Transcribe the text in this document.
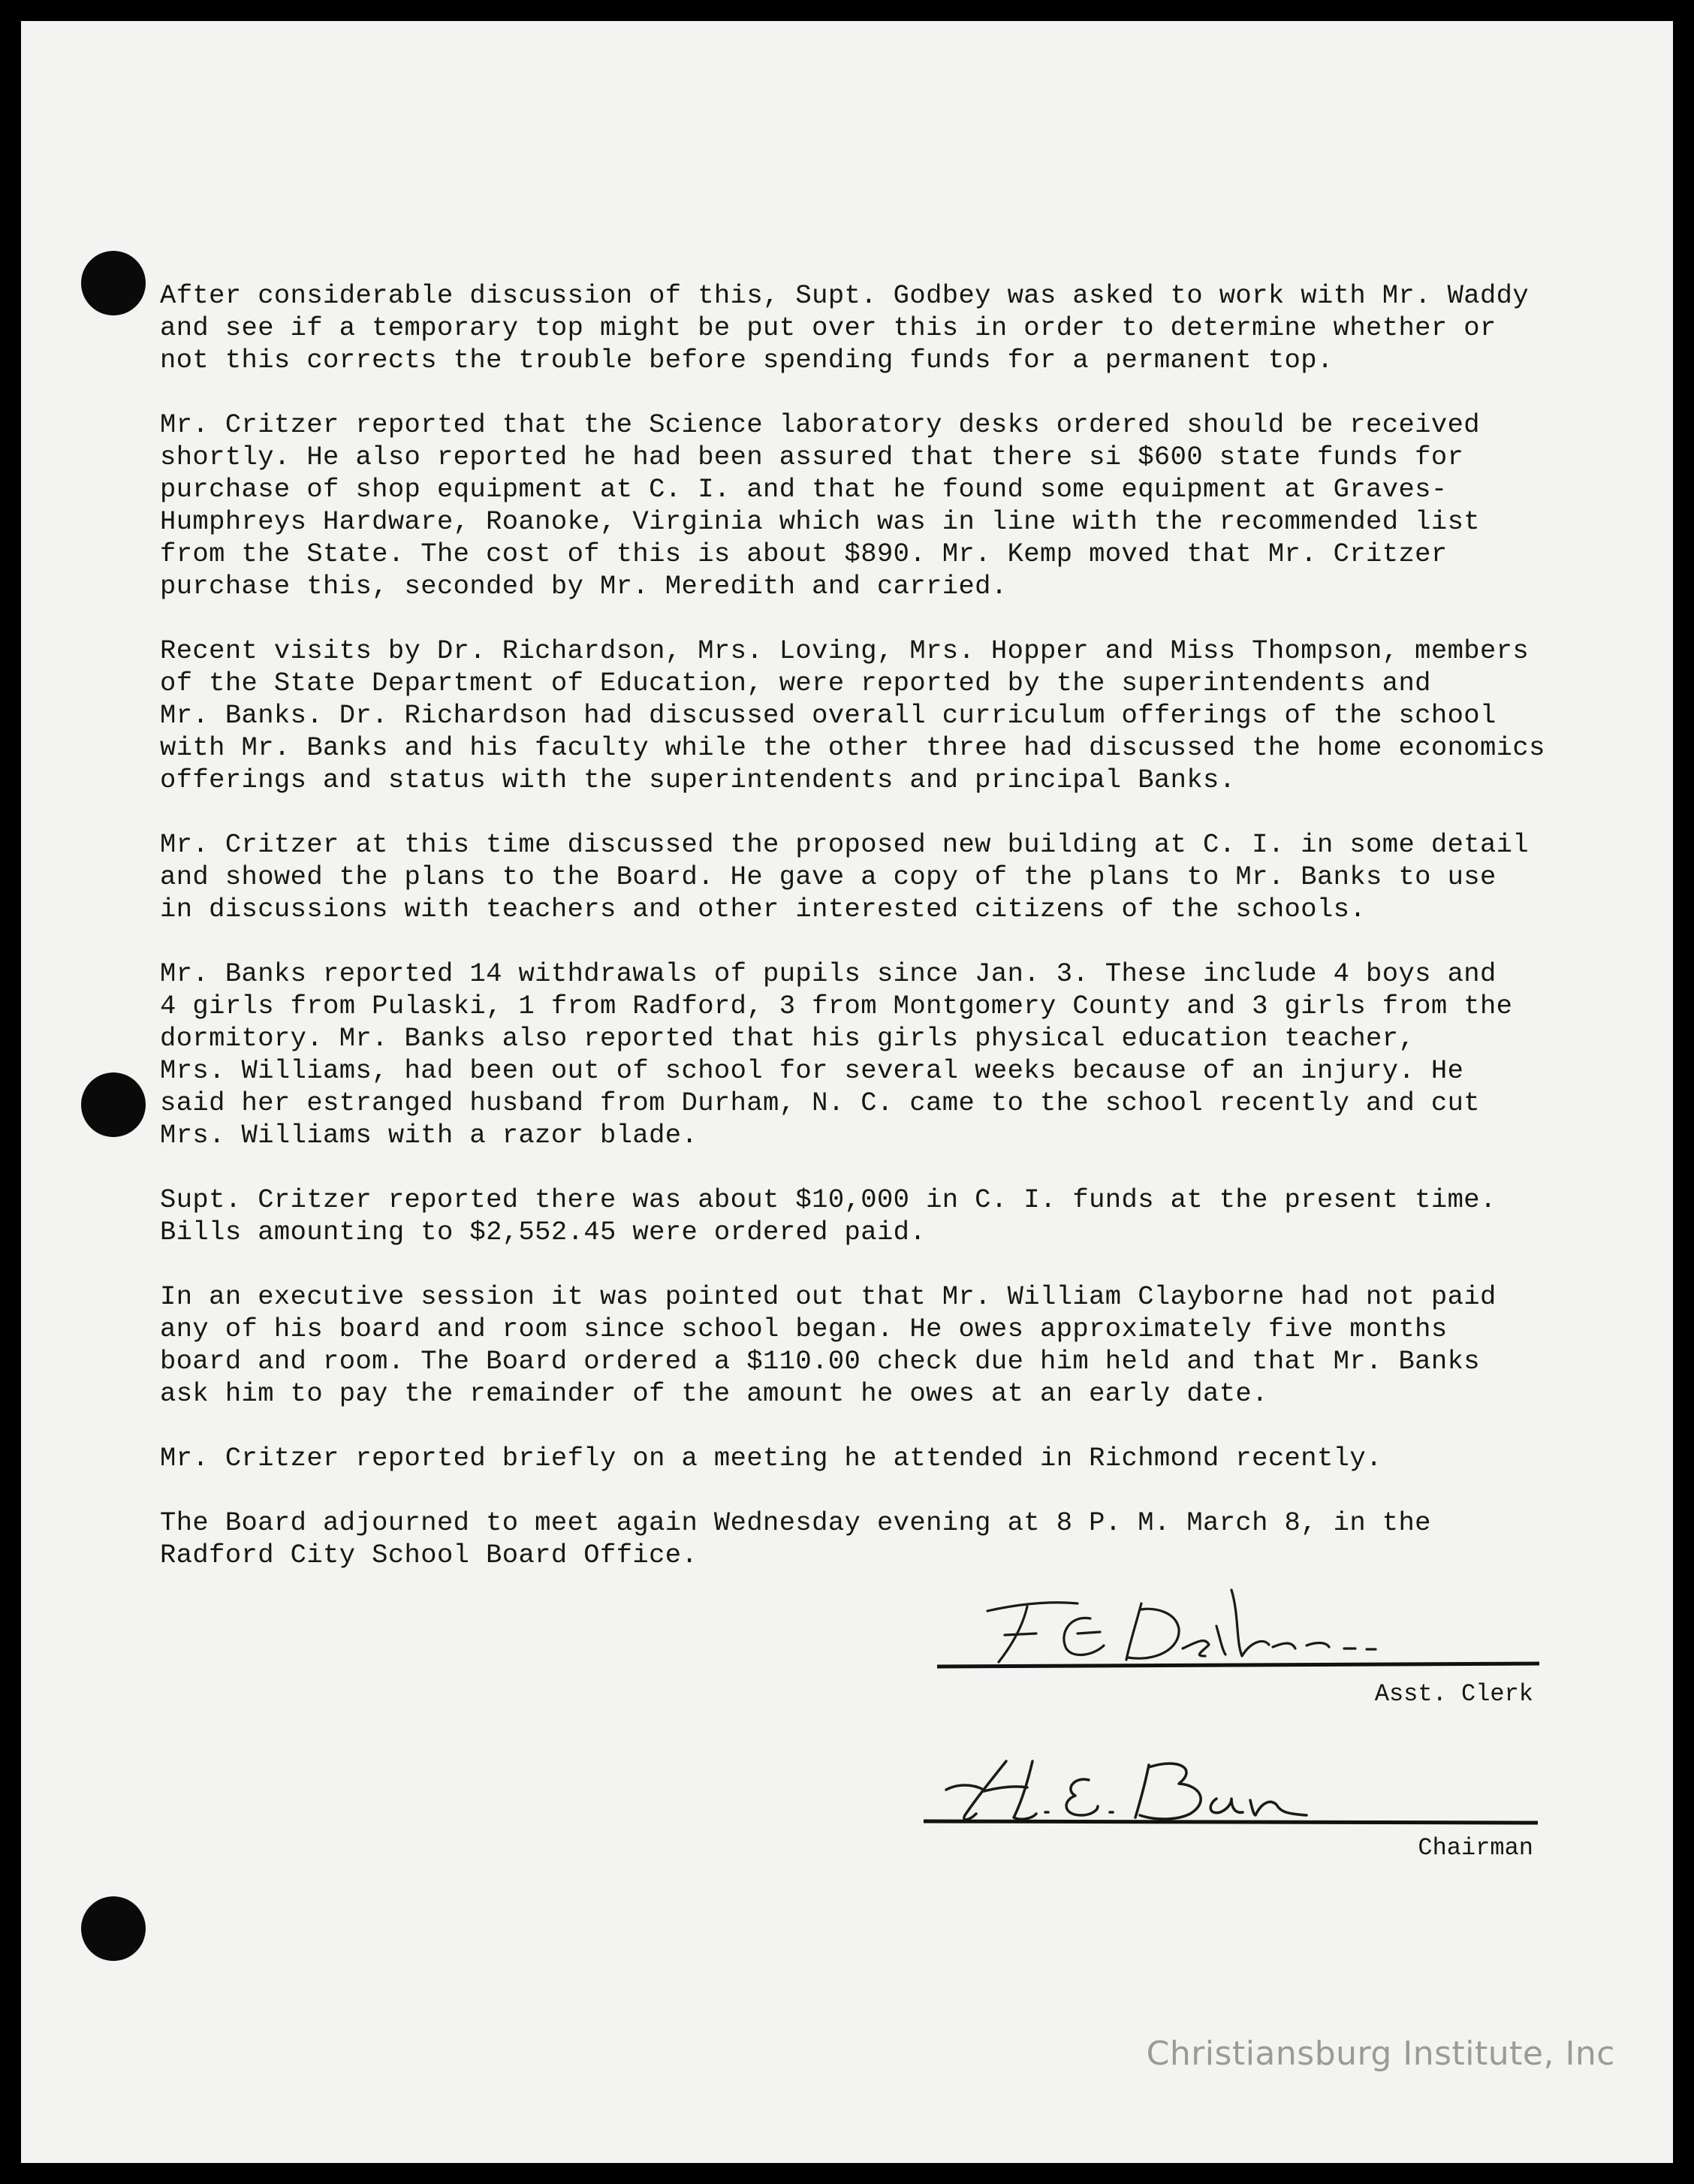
After considerable discussion of this, Supt. Godbey was asked to work with Mr. Waddy
and see if a temporary top might be put over this in order to determine whether or
not this corrects the trouble before spending funds for a permanent top.

Mr. Critzer reported that the Science laboratory desks ordered should be received
shortly. He also reported he had been assured that there si $600 state funds for
purchase of shop equipment at C. I. and that he found some equipment at Graves-
Humphreys Hardware, Roanoke, Virginia which was in line with the recommended list
from the State. The cost of this is about $890. Mr. Kemp moved that Mr. Critzer
purchase this, seconded by Mr. Meredith and carried.

Recent visits by Dr. Richardson, Mrs. Loving, Mrs. Hopper and Miss Thompson, members
of the State Department of Education, were reported by the superintendents and
Mr. Banks. Dr. Richardson had discussed overall curriculum offerings of the school
with Mr. Banks and his faculty while the other three had discussed the home economics
offerings and status with the superintendents and principal Banks.

Mr. Critzer at this time discussed the proposed new building at C. I. in some detail
and showed the plans to the Board. He gave a copy of the plans to Mr. Banks to use
in discussions with teachers and other interested citizens of the schools.

Mr. Banks reported 14 withdrawals of pupils since Jan. 3. These include 4 boys and
4 girls from Pulaski, 1 from Radford, 3 from Montgomery County and 3 girls from the
dormitory. Mr. Banks also reported that his girls physical education teacher,
Mrs. Williams, had been out of school for several weeks because of an injury. He
said her estranged husband from Durham, N. C. came to the school recently and cut
Mrs. Williams with a razor blade.

Supt. Critzer reported there was about $10,000 in C. I. funds at the present time.
Bills amounting to $2,552.45 were ordered paid.

In an executive session it was pointed out that Mr. William Clayborne had not paid
any of his board and room since school began. He owes approximately five months
board and room. The Board ordered a $110.00 check due him held and that Mr. Banks
ask him to pay the remainder of the amount he owes at an early date.

Mr. Critzer reported briefly on a meeting he attended in Richmond recently.

The Board adjourned to meet again Wednesday evening at 8 P. M. March 8, in the
Radford City School Board Office.

Asst. Clerk
Chairman
Christiansburg Institute, Inc
